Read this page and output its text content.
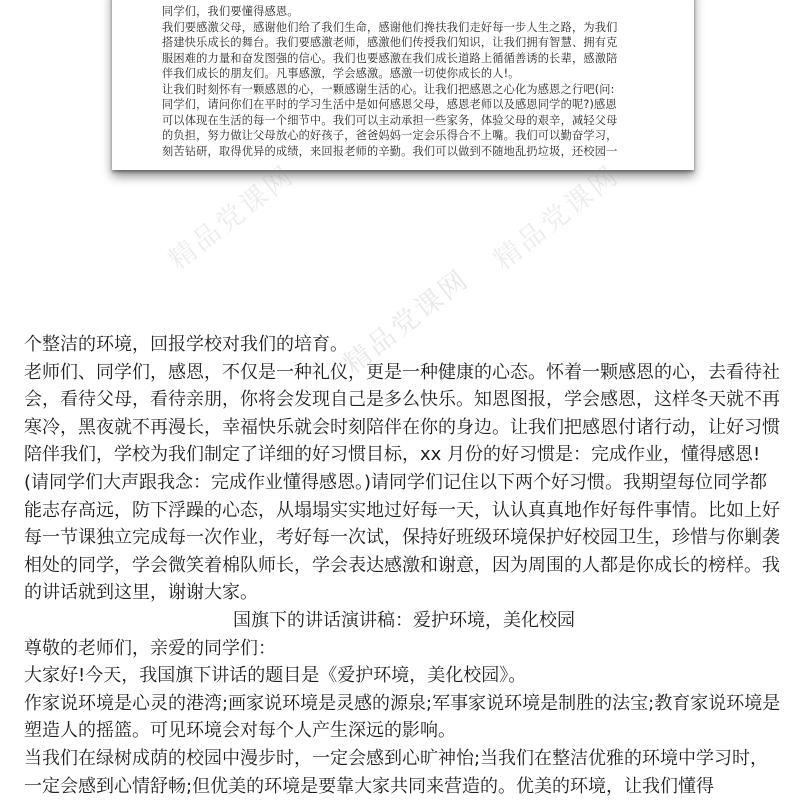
同学们，我们要懂得感恩。

我们要感激父母，感谢他们给了我们生命，感谢他们搀扶我们走好每一步人生之路，为我们

搭建快乐成长的舞台。我们要感激老师，感激他们传授我们知识，让我们拥有智慧、拥有克

服困难的力量和奋发图强的信心。我们也要感激在我们成长道路上循循善诱的长辈，感激陪

伴我们成长的朋友们。凡事感激，学会感激。感激一切使你成长的人!。

让我们时刻怀有一颗感恩的心，一颗感谢生活的心。让我们把感恩之心化为感恩之行吧(问:

同学们，请问你们在平时的学习生活中是如何感恩父母，感恩老师以及感恩同学的呢?)感恩

可以体现在生活的每一个细节中。我们可以主动承担一些家务，体验父母的艰辛，减轻父母

的负担，努力做让父母放心的好孩子，爸爸妈妈一定会乐得合不上嘴。我们可以勤奋学习，

刻苦钻研，取得优异的成绩，来回报老师的辛勤。我们可以做到不随地乱扔垃圾，还校园一

精品党课网	精品党课网
精品党课网

个整洁的环境，回报学校对我们的培育。

老师们、同学们，感恩，不仅是一种礼仪，更是一种健康的心态。怀着一颗感恩的心，去看待社会，看待父母，看待亲朋，你将会发现自己是多么快乐。知恩图报，学会感恩，这样冬天就不再寒冷，黑夜就不再漫长，幸福快乐就会时刻陪伴在你的身边。让我们把感恩付诸行动，让好习惯陪伴我们，学校为我们制定了详细的好习惯目标，xx 月份的好习惯是：完成作业，懂得感恩!(请同学们大声跟我念：完成作业懂得感恩。)请同学们记住以下两个好习惯。我期望每位同学都能志存高远，防下浮躁的心态，从塌塌实实地过好每一天，认认真真地作好每件事情。比如上好每一节课独立完成每一次作业，考好每一次试，保持好班级环境保护好校园卫生，珍惜与你剿袭相处的同学，学会微笑着棉队师长，学会表达感激和谢意，因为周围的人都是你成长的榜样。我的讲话就到这里，谢谢大家。

国旗下的讲话演讲稿：爱护环境，美化校园

尊敬的老师们，亲爱的同学们：

大家好!今天，我国旗下讲话的题目是《爱护环境，美化校园》。

作家说环境是心灵的港湾;画家说环境是灵感的源泉;军事家说环境是制胜的法宝;教育家说环境是塑造人的摇篮。可见环境会对每个人产生深远的影响。

当我们在绿树成荫的校园中漫步时，一定会感到心旷神怡;当我们在整洁优雅的环境中学习时，一定会感到心情舒畅;但优美的环境是要靠大家共同来营造的。优美的环境，让我们懂得
